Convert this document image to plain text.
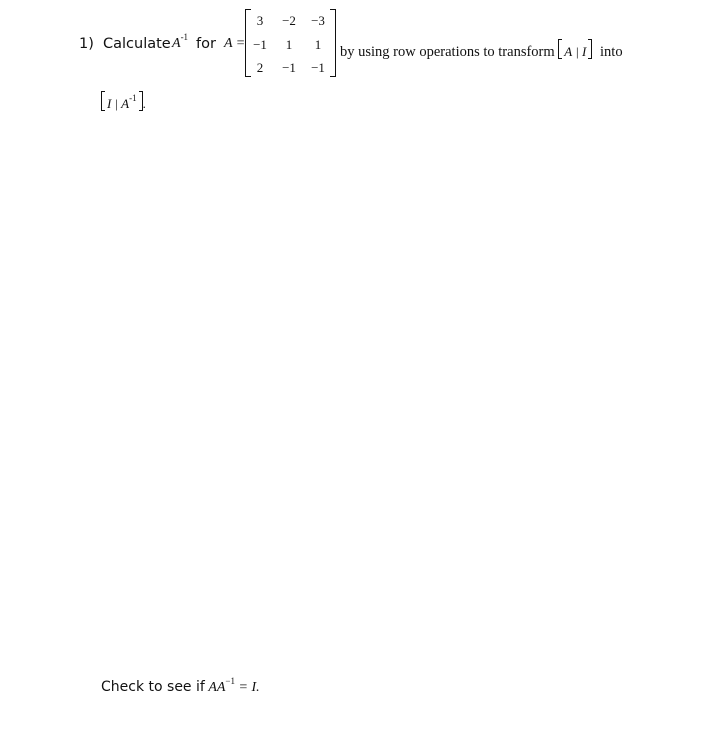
1) Calculate $A^{-1}$ for A =
3	−2	−3
−1	1	1
2	−1	−1
by using row operations to transform A | I into
I | $A^{-1}$ .
Check to see if $AA^{-1} = I$.
